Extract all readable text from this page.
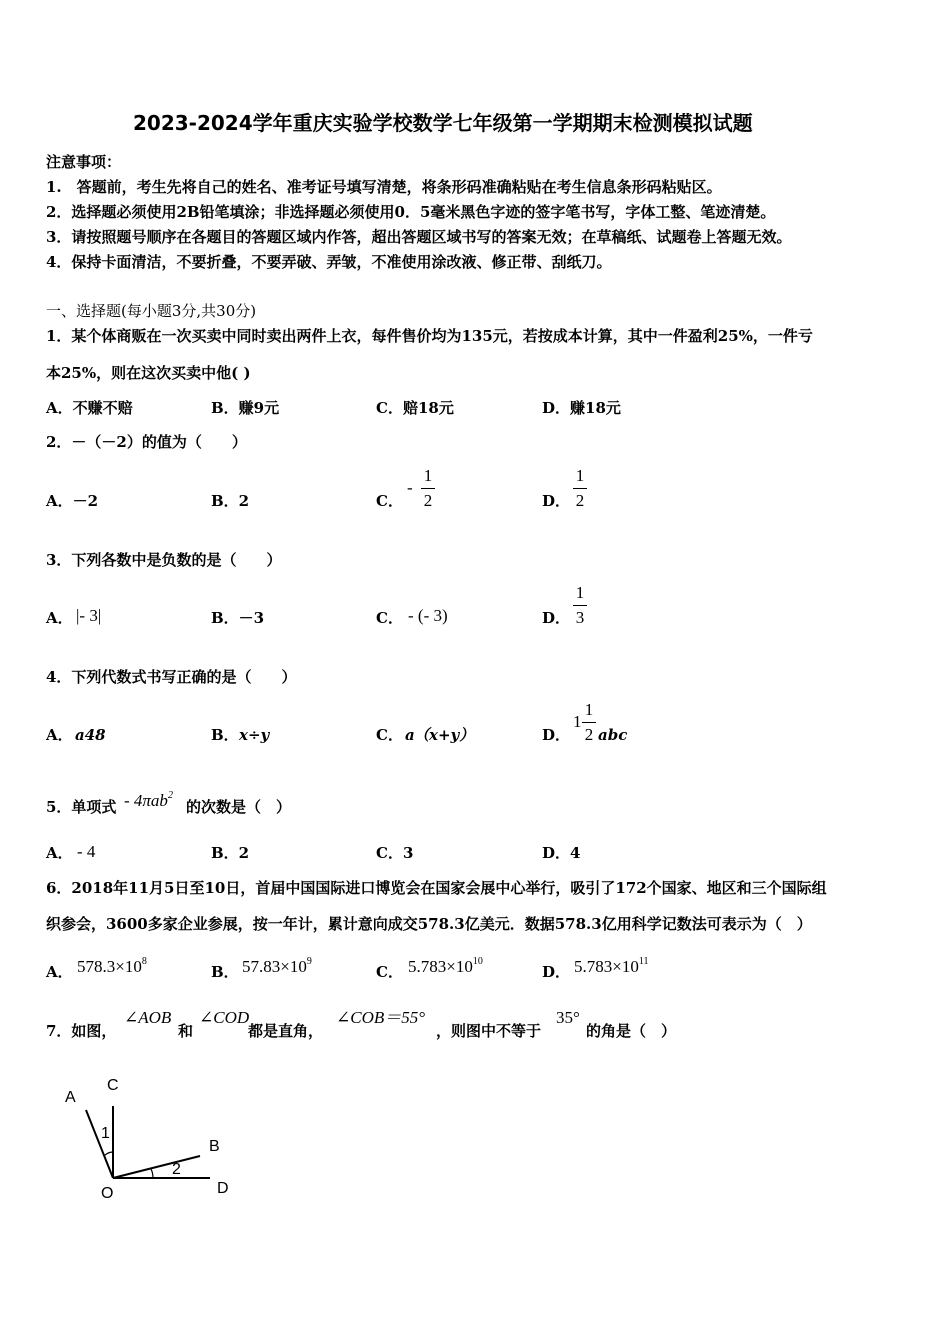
2023-2024学年重庆实验学校数学七年级第一学期期末检测模拟试题
注意事项：
1.　答题前，考生先将自己的姓名、准考证号填写清楚，将条形码准确粘贴在考生信息条形码粘贴区。
2．选择题必须使用2B铅笔填涂；非选择题必须使用0．5毫米黑色字迹的签字笔书写，字体工整、笔迹清楚。
3．请按照题号顺序在各题目的答题区域内作答，超出答题区域书写的答案无效；在草稿纸、试题卷上答题无效。
4．保持卡面清洁，不要折叠，不要弄破、弄皱，不准使用涂改液、修正带、刮纸刀。
一、选择题(每小题3分,共30分)
1．某个体商贩在一次买卖中同时卖出两件上衣，每件售价均为135元，若按成本计算，其中一件盈利25%，一件亏
本25%，则在这次买卖中他( )
A．不赚不赔	B．赚9元	C．赔18元	D．赚18元
2．－（－2）的值为（　　）
A．－2	B．2	C．
-
1
2	D．
1
2
3．下列各数中是负数的是（　　）
A． |- 3|	B．－3	C． - (- 3)	D．
1
3
4．下列代数式书写正确的是（　　）
A． a48	B． x÷y	C． a （x+y）	D．
1
1
2 abc
5．单项式 - 4πab$^2$
的次数是（　）
A． - 4	B．2	C．3	D．4
6．2018年11月5日至10日，首届中国国际进口博览会在国家会展中心举行，吸引了172个国家、地区和三个国际组
织参会，3600多家企业参展，按一年计，累计意向成交578.3亿美元．数据578.3亿用科学记数法可表示为（　）
A． $578.3\times 10^8$
B． $57.83\times 10^9$
C． $5.783\times 10^{10}$
D． $5.783\times 10^{11}$
7．如图，
∠AOB
和
∠COD
都是直角，
∠COB＝55°
，则图中不等于
35°
的角是（　）
A
C
B
O	D
1
2
